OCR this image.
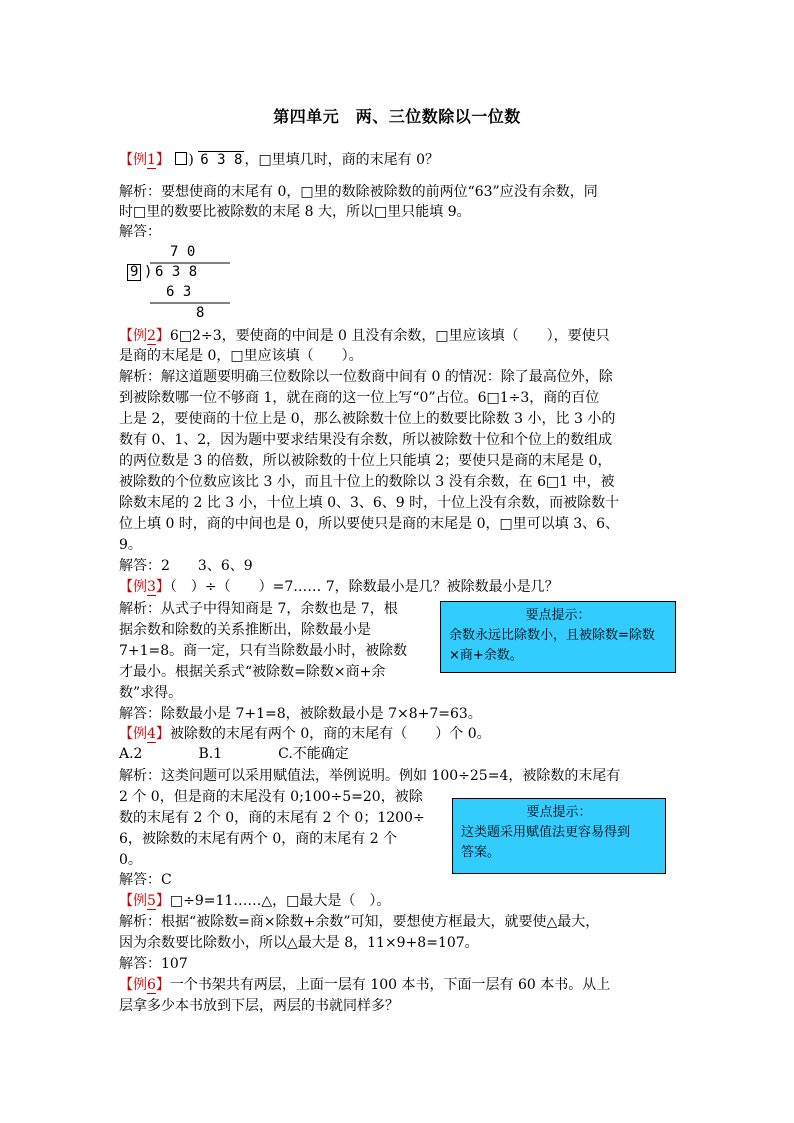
第四单元　两、三位数除以一位数
【例1】 ) 6 3 8 ，□里填几时，商的末尾有 0？
解析：要想使商的末尾有 0，□里的数除被除数的前两位“63”应没有余数，同
时□里的数要比被除数的末尾 8 大，所以□里只能填 9。
解答：
7 0
9 ) 6 3 8
6 3
8
【例2】6□2÷3，要使商的中间是 0 且没有余数，□里应该填（　　），要使只
是商的末尾是 0，□里应该填（　　）。
解析：解这道题要明确三位数除以一位数商中间有 0 的情况：除了最高位外，除
到被除数哪一位不够商 1，就在商的这一位上写“0”占位。6□1÷3，商的百位
上是 2，要使商的十位上是 0，那么被除数十位上的数要比除数 3 小，比 3 小的
数有 0、1、2，因为题中要求结果没有余数，所以被除数十位和个位上的数组成
的两位数是 3 的倍数，所以被除数的十位上只能填 2；要使只是商的末尾是 0，
被除数的个位数应该比 3 小，而且十位上的数除以 3 没有余数，在 6□1 中，被
除数末尾的 2 比 3 小，十位上填 0、3、6、9 时，十位上没有余数，而被除数十
位上填 0 时，商的中间也是 0，所以要使只是商的末尾是 0，□里可以填 3、6、
9。
解答：2　　3、6、9
【例3】（　）÷（　　）=7…… 7，除数最小是几？被除数最小是几？
解析：从式子中得知商是 7，余数也是 7，根
据余数和除数的关系推断出，除数最小是
7+1=8。商一定，只有当除数最小时，被除数
才最小。根据关系式“被除数=除数×商+余
数”求得。
解答：除数最小是 7+1=8，被除数最小是 7×8+7=63。
要点提示：
余数永远比除数小，且被除数=除数
×商+余数。
【例4】被除数的末尾有两个 0，商的末尾有（　　）个 0。
A.2　　　　B.1　　　　C.不能确定
解析：这类问题可以采用赋值法，举例说明。例如 100÷25=4，被除数的末尾有
2 个 0，但是商的末尾没有 0;100÷5=20，被除
数的末尾有 2 个 0，商的末尾有 2 个 0；1200÷
6，被除数的末尾有两个 0，商的末尾有 2 个
0。
解答：C
要点提示：
这类题采用赋值法更容易得到
答案。
【例5】□÷9=11……△，□最大是（　）。
解析：根据“被除数=商×除数+余数”可知，要想使方框最大，就要使△最大，
因为余数要比除数小，所以△最大是 8，11×9+8=107。
解答：107
【例6】一个书架共有两层，上面一层有 100 本书，下面一层有 60 本书。从上
层拿多少本书放到下层，两层的书就同样多？
